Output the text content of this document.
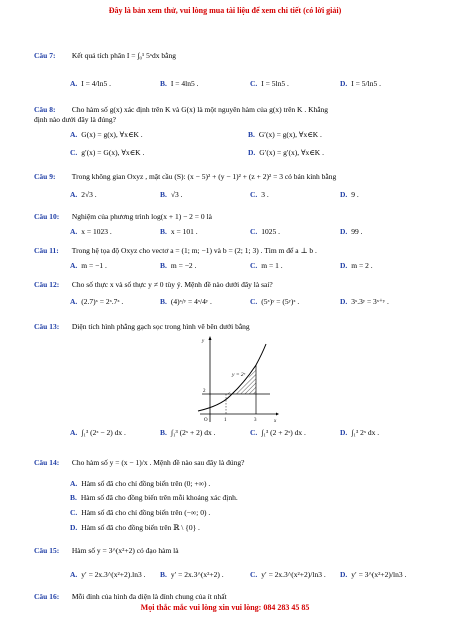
Đây là bản xem thử, vui lòng mua tài liệu để xem chi tiết (có lời giải)
Câu 7: Kết quả tích phân I = ∫₀¹ 5ˣdx bằng
A. I = 4/ln5 .	B. I = 4ln5 .	C. I = 5ln5 .	D. I = 5/ln5 .
Câu 8: Cho hàm số g(x) xác định trên K và G(x) là một nguyên hàm của g(x) trên K . Khẳng
định nào dưới đây là đúng?
A. G(x) = g(x), ∀x∈K .	B. G′(x) = g(x), ∀x∈K .
C. g′(x) = G(x), ∀x∈K .	D. G′(x) = g′(x), ∀x∈K .
Câu 9: Trong không gian Oxyz , mặt cầu (S): (x − 5)² + (y − 1)² + (z + 2)² = 3 có bán kính bằng
A. 2√3 .	B. √3 .	C. 3 .	D. 9 .
Câu 10: Nghiệm của phương trình log(x + 1) − 2 = 0 là
A. x = 1023 .	B. x = 101 .	C. 1025 .	D. 99 .
Câu 11: Trong hệ tọa độ Oxyz cho vectơ a = (1; m; −1) và b = (2; 1; 3) . Tìm m để a ⊥ b .
A. m = −1 .	B. m = −2 .	C. m = 1 .	D. m = 2 .
Câu 12: Cho số thực x và số thực y ≠ 0 tùy ý. Mệnh đề nào dưới đây là sai?
A. (2.7)ˣ = 2ˣ.7ˣ .	B. (4)ˣ/ʸ = 4ˣ/4ʸ .	C. (5ˣ)ʸ = (5ʸ)ˣ .	D. 3ˣ.3ʸ = 3ˣ⁺ʸ .
Câu 13: Diện tích hình phẳng gạch sọc trong hình vẽ bên dưới bằng
2
y = 2ˣ
O	1	3	x
y
A. ∫₁³ (2ˣ − 2) dx .	B. ∫₁³ (2ˣ + 2) dx .	C. ∫₁³ (2 + 2ˣ) dx .	D. ∫₁³ 2ˣ dx .
Câu 14: Cho hàm số y = (x − 1)/x . Mệnh đề nào sau đây là đúng?
A. Hàm số đã cho chỉ đồng biến trên (0; +∞) .
B. Hàm số đã cho đồng biến trên mỗi khoảng xác định.
C. Hàm số đã cho chỉ đồng biến trên (−∞; 0) .
D. Hàm số đã cho đồng biến trên ℝ \ {0} .
Câu 15: Hàm số y = 3^(x²+2) có đạo hàm là
A. y′ = 2x.3^(x²+2).ln3 .	B. y′ = 2x.3^(x²+2) .	C. y′ = 2x.3^(x²+2)/ln3 .	D. y′ = 3^(x²+2)/ln3 .
Câu 16: Mỗi đỉnh của hình đa diện là đỉnh chung của ít nhất
Mọi thắc mắc vui lòng xin vui lòng: 084 283 45 85
